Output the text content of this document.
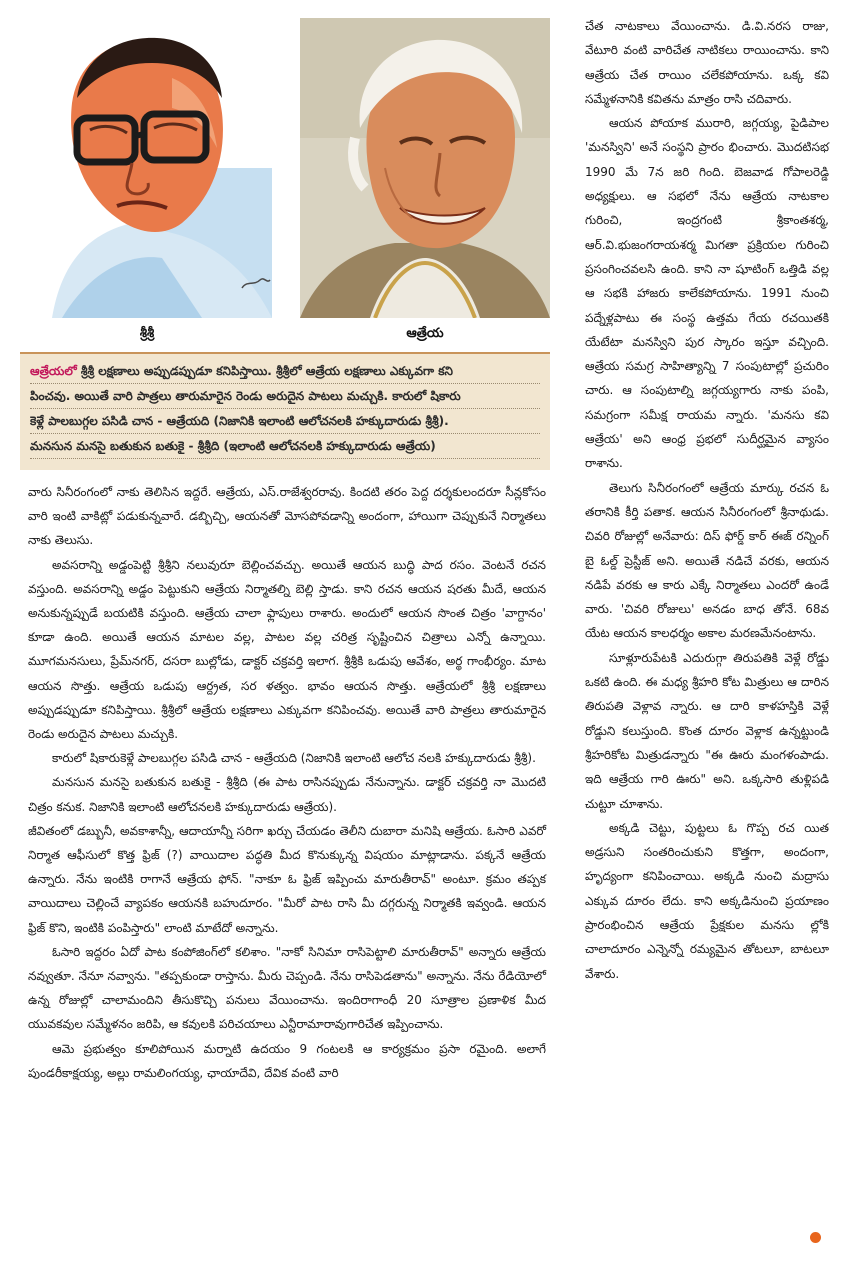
శ్రీశ్రీ	ఆత్రేయ

ఆత్రేయలో శ్రీశ్రీ లక్షణాలు అప్పుడప్పుడూ కనిపిస్తాయి. శ్రీశ్రీలో ఆత్రేయ లక్షణాలు ఎక్కువగా కని
పించవు. అయితే వారి పాత్రలు తారుమారైన రెండు అరుదైన పాటలు మచ్చుకి. కారులో షికారు
కెళ్లే పాలబుగ్గల పసిడి చాన - ఆత్రేయది (నిజానికి ఇలాంటి ఆలోచనలకి హక్కుదారుడు శ్రీశ్రీ).
మనసున మనసై బతుకున బతుకై - శ్రీశ్రీది (ఇలాంటి ఆలోచనలకి హక్కుదారుడు ఆత్రేయ)

వారు సినీరంగంలో నాకు తెలిసిన ఇద్దరే. ఆత్రేయ, ఎస్.రాజేశ్వరరావు. కిందటి తరం పెద్ద దర్శకులందరూ సీన్లకోసం వారి ఇంటి వాకిట్లో పడుకున్నవారే. డబ్బిచ్చి, ఆయనతో మోసపోవడాన్ని అందంగా, హాయిగా చెప్పుకునే నిర్మాతలు నాకు తెలుసు.

అవసరాన్ని అడ్డంపెట్టి శ్రీశ్రీని నలువురూ బెల్లించవచ్చు. అయితే ఆయన బుద్ధి పాద రసం. వెంటనే రచన వస్తుంది. అవసరాన్ని అడ్డం పెట్టుకుని ఆత్రేయ నిర్మాతల్ని బెల్లి స్తాడు. కాని రచన ఆయన షరతు మీదే, ఆయన అనుకున్నప్పుడే బయటికి వస్తుంది. ఆత్రేయ చాలా ఫ్లాపులు రాశారు. అందులో ఆయన సొంత చిత్రం 'వాగ్దానం' కూడా ఉంది. అయితే ఆయన మాటల వల్ల, పాటల వల్ల చరిత్ర సృష్టించిన చిత్రాలు ఎన్నో ఉన్నాయి. మూగమనసులు, ప్రేమ్‌నగర్, దసరా బుల్లోడు, డాక్టర్ చక్రవర్తి ఇలాగ. శ్రీశ్రీకి ఒడుపు ఆవేశం, అర్థ గాంభీర్యం. మాట ఆయన సొత్తు. ఆత్రేయ ఒడుపు ఆర్ద్రత, సర ళత్వం. భావం ఆయన సొత్తు. ఆత్రేయలో శ్రీశ్రీ లక్షణాలు అప్పుడప్పుడూ కనిపిస్తాయి. శ్రీశ్రీలో ఆత్రేయ లక్షణాలు ఎక్కువగా కనిపించవు. అయితే వారి పాత్రలు తారుమారైన రెండు అరుదైన పాటలు మచ్చుకి.

కారులో షికారుకెళ్లే పాలబుగ్గల పసిడి చాన - ఆత్రేయది (నిజానికి ఇలాంటి ఆలోచ నలకి హక్కుదారుడు శ్రీశ్రీ).

మనసున మనసై బతుకున బతుకై - శ్రీశ్రీది (ఈ పాట రాసినప్పుడు నేనున్నాను. డాక్టర్ చక్రవర్తి నా మొదటి చిత్రం కనుక. నిజానికి ఇలాంటి ఆలోచనలకి హక్కుదారుడు ఆత్రేయ).

జీవితంలో డబ్బునీ, అవకాశాన్నీ, ఆదాయాన్నీ సరిగా ఖర్చు చేయడం తెలీని దుబారా మనిషి ఆత్రేయ. ఓసారి ఎవరో నిర్మాత ఆఫీసులో కొత్త ఫ్రిజ్ (?) వాయిదాల పద్ధతి మీద కొనుక్కున్న విషయం మాట్లాడాను. పక్కనే ఆత్రేయ ఉన్నారు. నేను ఇంటికి రాగానే ఆత్రేయ ఫోన్. "నాకూ ఓ ఫ్రిజ్ ఇప్పించు మారుతీరావ్" అంటూ. క్రమం తప్పక వాయిదాలు చెల్లించే వ్యాపకం ఆయనకి బహుదూరం. "మీరో పాట రాసి మీ దగ్గరున్న నిర్మాతకి ఇవ్వండి. ఆయన ఫ్రిజ్ కొని, ఇంటికి పంపిస్తారు" లాంటి మాటేదో అన్నాను.

ఓసారి ఇద్దరం ఏదో పాట కంపోజింగ్‌లో కలిశాం. "నాకో సినిమా రాసిపెట్టాలి మారుతీరావ్" అన్నారు ఆత్రేయ నవ్వుతూ. నేనూ నవ్వాను. "తప్పకుండా రాస్తాను. మీరు చెప్పండి. నేను రాసిపెడతాను" అన్నాను. నేను రేడియోలో ఉన్న రోజుల్లో చాలామందిని తీసుకొచ్చి పనులు వేయించాను. ఇందిరాగాంధీ 20 సూత్రాల ప్రణాళిక మీద యువకవుల సమ్మేళనం జరిపి, ఆ కవులకి పరిచయాలు ఎన్టీరామారావుగారిచేత ఇప్పించాను.

ఆమె ప్రభుత్వం కూలిపోయిన మర్నాటి ఉదయం 9 గంటలకి ఆ కార్యక్రమం ప్రసా రమైంది. అలాగే పుండరీకాక్షయ్య, అల్లు రామలింగయ్య, ఛాయాదేవి, దేవిక వంటి వారి

చేత నాటకాలు వేయించాను. డి.వి.నరస రాజు, వేటూరి వంటి వారిచేత నాటికలు రాయించాను. కాని ఆత్రేయ చేత రాయిం చలేకపోయాను. ఒక్క కవి సమ్మేళనానికి కవితను మాత్రం రాసి చదివారు.

ఆయన పోయాక మురారి, జగ్గయ్య, పైడిపాల 'మనస్విని' అనే సంస్థని ప్రారం భించారు. మొదటిసభ 1990 మే 7న జరి గింది. బెజవాడ గోపాలరెడ్డి అధ్యక్షులు. ఆ సభలో నేను ఆత్రేయ నాటకాల గురించి, ఇంద్రగంటి శ్రీకాంతశర్మ, ఆర్.వి.భుజంగరాయశర్మ మిగతా ప్రక్రియల గురించి ప్రసంగించవలసి ఉంది. కాని నా షూటింగ్ ఒత్తిడి వల్ల ఆ సభకి హాజరు కాలేకపోయాను. 1991 నుంచి పద్నేళ్లపాటు ఈ సంస్థ ఉత్తమ గేయ రచయితకి యేటేటా మనస్విని పుర స్కారం ఇస్తూ వచ్చింది. ఆత్రేయ సమగ్ర సాహిత్యాన్ని 7 సంపుటాల్లో ప్రచురిం చారు. ఆ సంపుటాల్ని జగ్గయ్యగారు నాకు పంపి, సమగ్రంగా సమీక్ష రాయమ న్నారు. 'మనసు కవి ఆత్రేయ' అని ఆంధ్ర ప్రభలో సుదీర్ఘమైన వ్యాసం రాశాను.

తెలుగు సినీరంగంలో ఆత్రేయ మార్కు రచన ఓ తరానికి కీర్తి పతాక. ఆయన సినీరంగంలో శ్రీనాథుడు. చివరి రోజుల్లో అనేవారు: దిస్ ఫోర్డ్ కార్ ఈజ్ రన్నింగ్ బై ఓల్డ్ ప్రెస్టీజ్ అని. అయితే నడిచే వరకు, ఆయన నడిపే వరకు ఆ కారు ఎక్కే నిర్మాతలు ఎందరో ఉండే వారు. 'చివరి రోజులు' అనడం బాధ తోనే. 68వ యేట ఆయన కాలధర్మం అకాల మరణమేనంటాను.

సూళ్లూరుపేటకి ఎదురుగ్గా తిరుపతికి వెళ్లే రోడ్డు ఒకటి ఉంది. ఈ మధ్య శ్రీహరి కోట మిత్రులు ఆ దారిన తిరుపతి వెళ్లావ న్నారు. ఆ దారి కాళహస్తికి వెళ్లే రోడ్డుని కలుస్తుంది. కొంత దూరం వెళ్లాక ఉన్నట్టుండి శ్రీహరికోట మిత్రుడన్నారు "ఈ ఊరు మంగళంపాడు. ఇది ఆత్రేయ గారి ఊరు" అని. ఒక్కసారి తుళ్లిపడి చుట్టూ చూశాను.

అక్కడి చెట్టు, పుట్టలు ఓ గొప్ప రచ యిత అడ్రసుని సంతరించుకుని కొత్తగా, అందంగా, హృద్యంగా కనిపించాయి. అక్కడి నుంచి మద్రాసు ఎక్కువ దూరం లేదు. కాని అక్కడినుంచి ప్రయాణం ప్రారంభించిన ఆత్రేయ ప్రేక్షకుల మనసు ల్లోకి చాలాదూరం ఎన్నెన్నో రమ్యమైన తోటలూ, బాటలూ వేశారు.
